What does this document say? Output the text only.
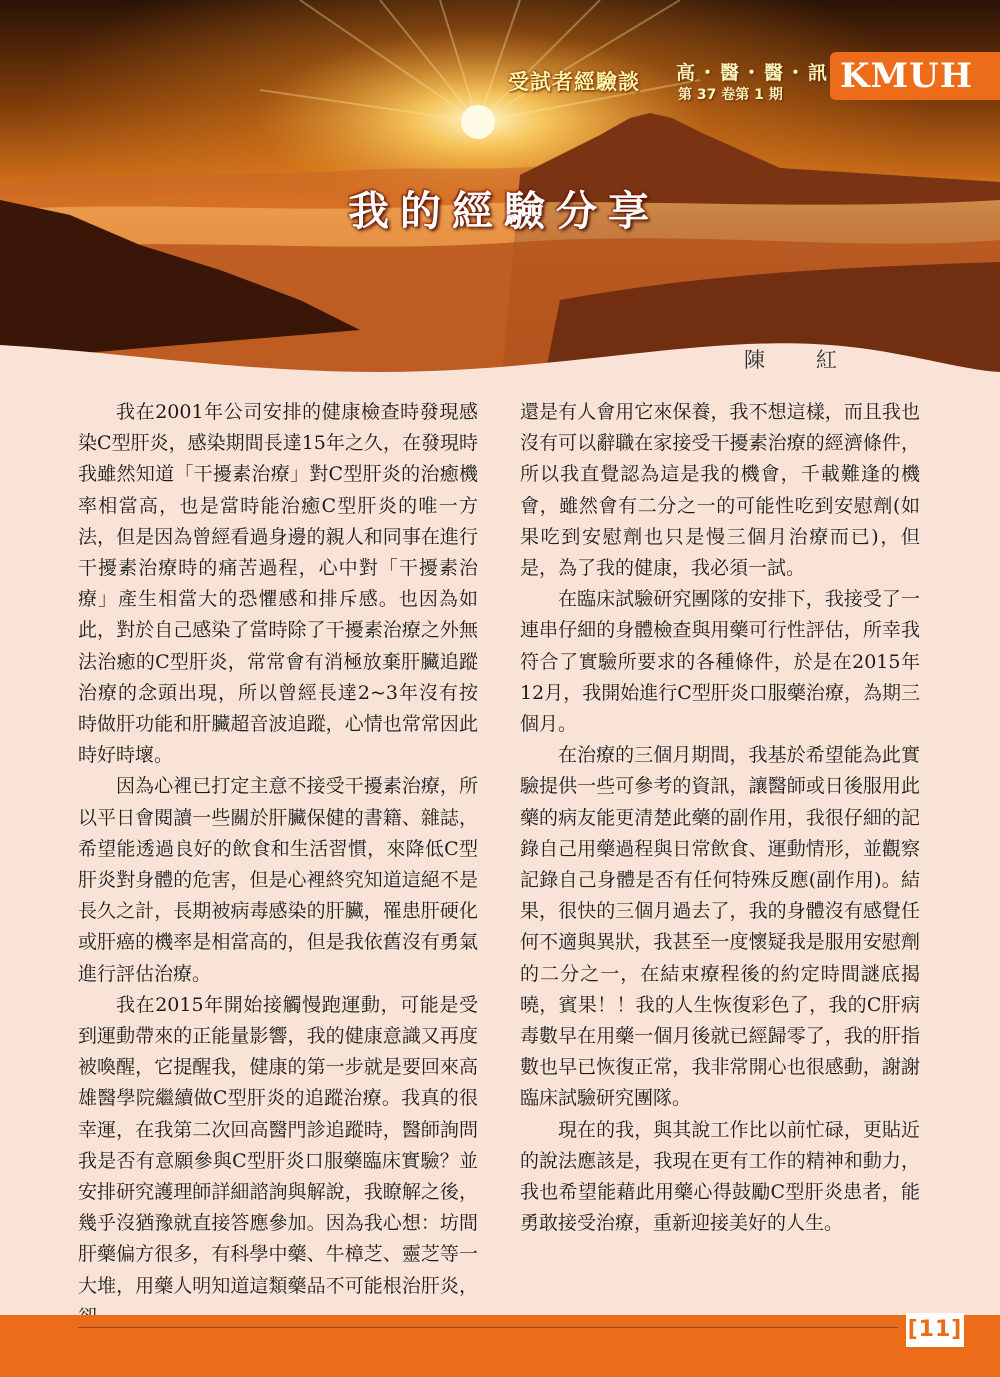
受試者經驗談 高・醫・醫・訊
第 37 卷第 1 期 KMUH
我的經驗分享
陳　紅

我在2001年公司安排的健康檢查時發現感染C型肝炎，感染期間長達15年之久，在發現時我雖然知道「干擾素治療」對C型肝炎的治癒機率相當高，也是當時能治癒C型肝炎的唯一方法，但是因為曾經看過身邊的親人和同事在進行干擾素治療時的痛苦過程，心中對「干擾素治療」產生相當大的恐懼感和排斥感。也因為如此，對於自己感染了當時除了干擾素治療之外無法治癒的C型肝炎，常常會有消極放棄肝臟追蹤治療的念頭出現，所以曾經長達2~3年沒有按時做肝功能和肝臟超音波追蹤，心情也常常因此時好時壞。

因為心裡已打定主意不接受干擾素治療，所以平日會閱讀一些關於肝臟保健的書籍、雜誌，希望能透過良好的飲食和生活習慣，來降低C型肝炎對身體的危害，但是心裡終究知道這絕不是長久之計，長期被病毒感染的肝臟，罹患肝硬化或肝癌的機率是相當高的，但是我依舊沒有勇氣進行評估治療。

我在2015年開始接觸慢跑運動，可能是受到運動帶來的正能量影響，我的健康意識又再度被喚醒，它提醒我，健康的第一步就是要回來高雄醫學院繼續做C型肝炎的追蹤治療。我真的很幸運，在我第二次回高醫門診追蹤時，醫師詢問我是否有意願參與C型肝炎口服藥臨床實驗？並安排研究護理師詳細諮詢與解說，我瞭解之後，幾乎沒猶豫就直接答應參加。因為我心想：坊間肝藥偏方很多，有科學中藥、牛樟芝、靈芝等一大堆，用藥人明知道這類藥品不可能根治肝炎，

還是有人會用它來保養，我不想這樣，而且我也沒有可以辭職在家接受干擾素治療的經濟條件，所以我直覺認為這是我的機會，千載難逢的機會，雖然會有二分之一的可能性吃到安慰劑(如果吃到安慰劑也只是慢三個月治療而已)，但是，為了我的健康，我必須一試。

在臨床試驗研究團隊的安排下，我接受了一連串仔細的身體檢查與用藥可行性評估，所幸我符合了實驗所要求的各種條件，於是在2015年12月，我開始進行C型肝炎口服藥治療，為期三個月。

在治療的三個月期間，我基於希望能為此實驗提供一些可參考的資訊，讓醫師或日後服用此藥的病友能更清楚此藥的副作用，我很仔細的記錄自己用藥過程與日常飲食、運動情形，並觀察記錄自己身體是否有任何特殊反應(副作用)。結果，很快的三個月過去了，我的身體沒有感覺任何不適與異狀，我甚至一度懷疑我是服用安慰劑的二分之一，在結束療程後的約定時間謎底揭曉，賓果！！我的人生恢復彩色了，我的C肝病毒數早在用藥一個月後就已經歸零了，我的肝指數也早已恢復正常，我非常開心也很感動，謝謝臨床試驗研究團隊。

現在的我，與其說工作比以前忙碌，更貼近的說法應該是，我現在更有工作的精神和動力，我也希望能藉此用藥心得鼓勵C型肝炎患者，能勇敢接受治療，重新迎接美好的人生。

[11]
